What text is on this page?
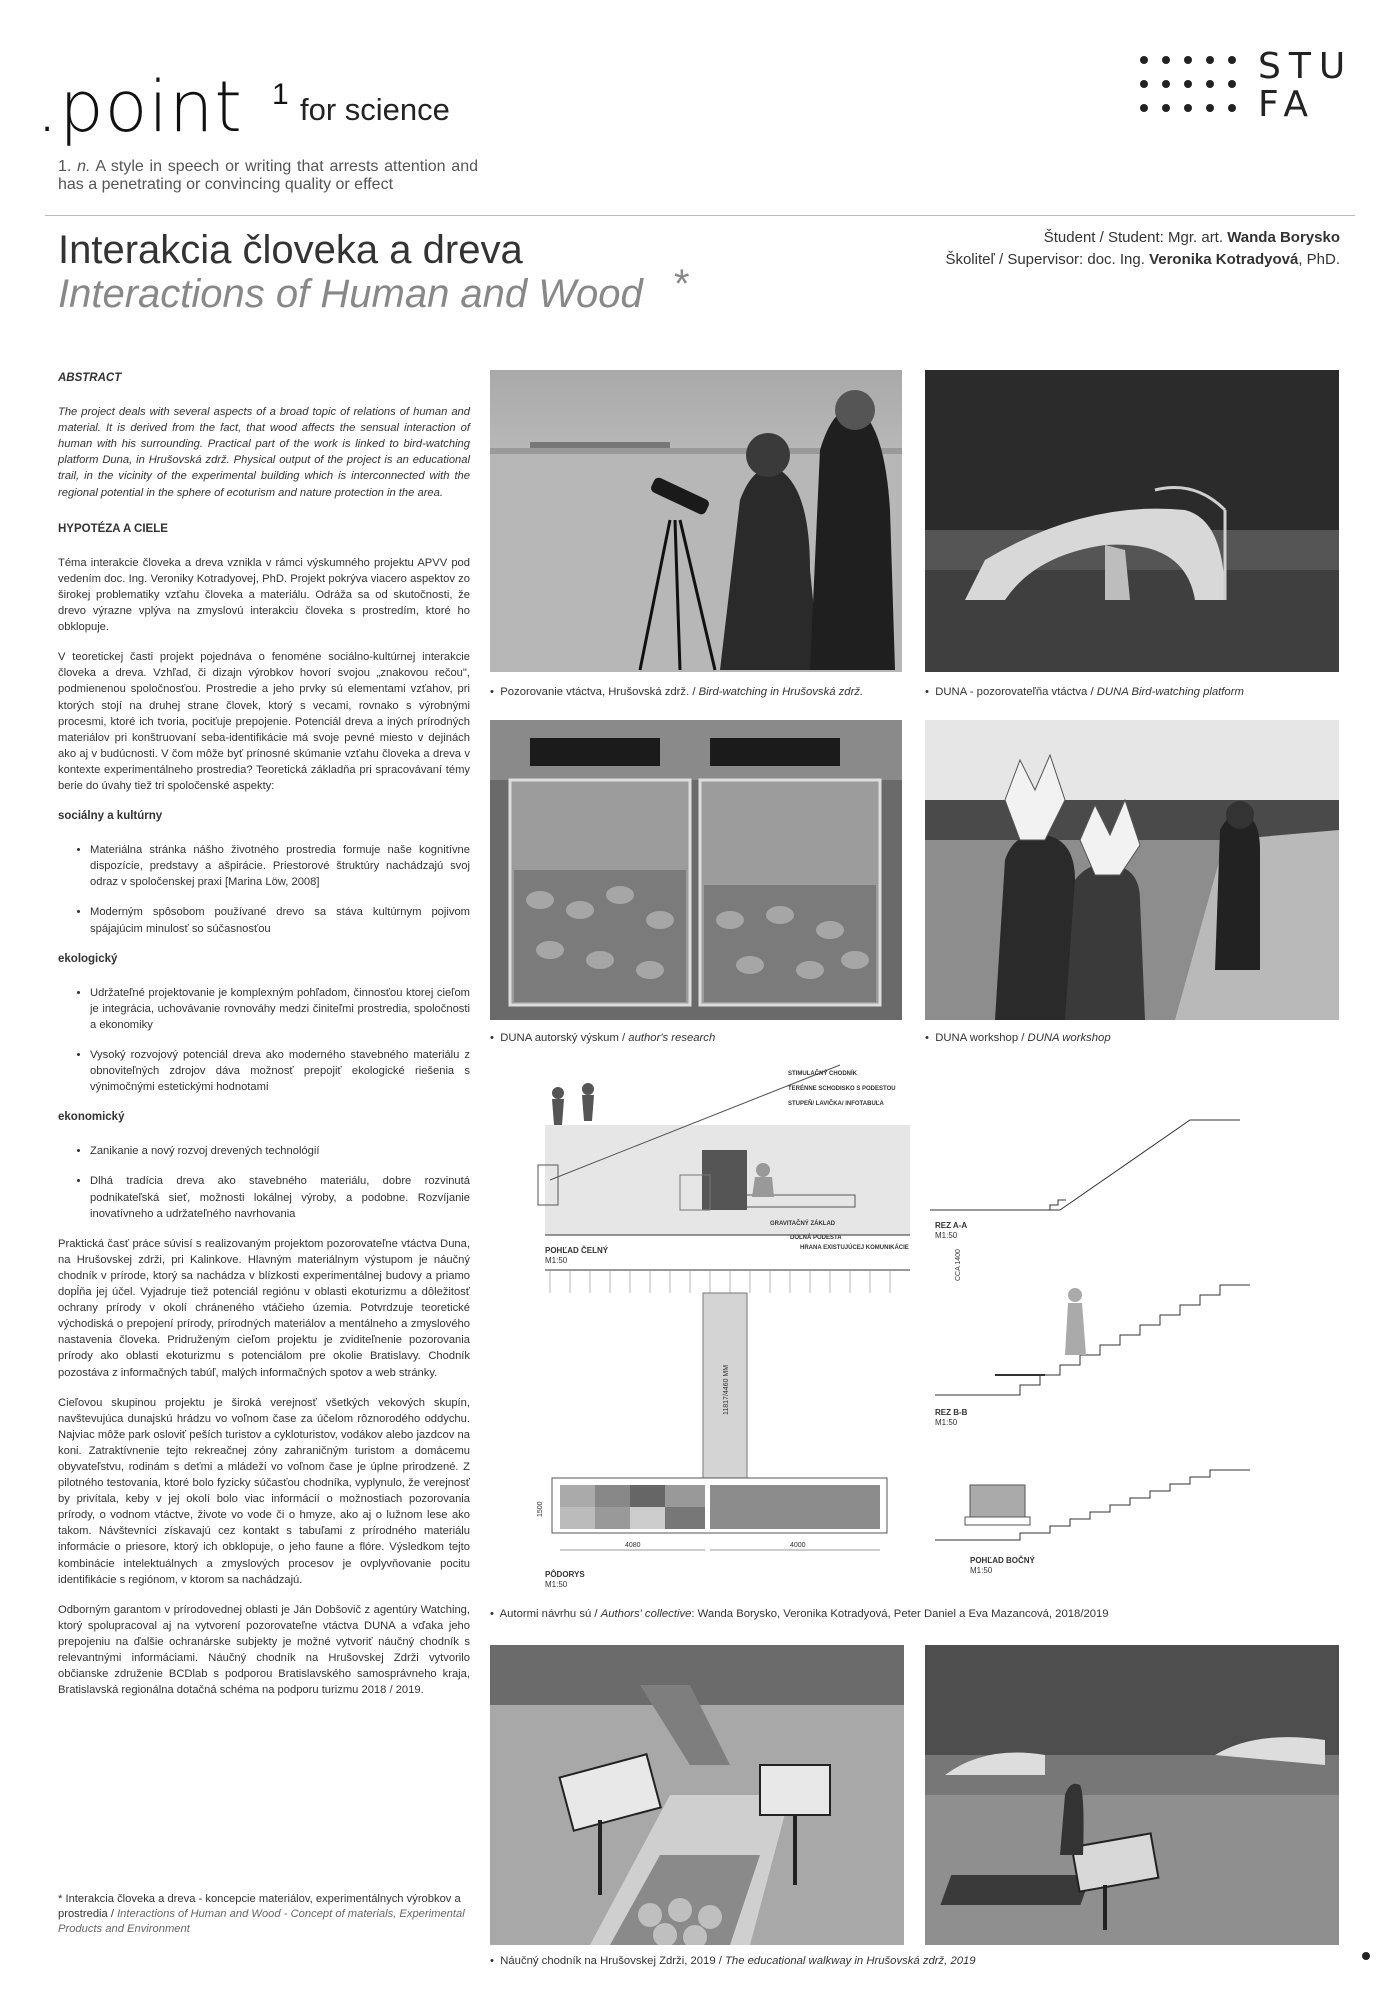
.point 1 for science
1. n. A style in speech or writing that arrests attention and has a penetrating or convincing quality or effect
STU
FA
Interakcia človeka a dreva
Interactions of Human and Wood *
Študent / Student: Mgr. art. Wanda Borysko
Školiteľ / Supervisor: doc. Ing. Veronika Kotradyová, PhD.

ABSTRACT

The project deals with several aspects of a broad topic of relations of human and material. It is derived from the fact, that wood affects the sensual interaction of human with his surrounding. Practical part of the work is linked to bird-watching platform Duna, in Hrušovská zdrž. Physical output of the project is an educational trail, in the vicinity of the experimental building which is interconnected with the regional potential in the sphere of ecoturism and nature protection in the area.

HYPOTÉZA A CIELE

Téma interakcie človeka a dreva vznikla v rámci výskumného projektu APVV pod vedením doc. Ing. Veroniky Kotradyovej, PhD. Projekt pokrýva viacero aspektov zo širokej problematiky vzťahu človeka a materiálu. Odráža sa od skutočnosti, že drevo výrazne vplýva na zmyslovú interakciu človeka s prostredím, ktoré ho obklopuje.

V teoretickej časti projekt pojednáva o fenoméne sociálno-kultúrnej interakcie človeka a dreva. Vzhľad, či dizajn výrobkov hovorí svojou „znakovou rečou", podmienenou spoločnosťou. Prostredie a jeho prvky sú elementami vzťahov, pri ktorých stojí na druhej strane človek, ktorý s vecami, rovnako s výrobnými procesmi, ktoré ich tvoria, pociťuje prepojenie. Potenciál dreva a iných prírodných materiálov pri konštruovaní seba-identifikácie má svoje pevné miesto v dejinách ako aj v budúcnosti. V čom môže byť prínosné skúmanie vzťahu človeka a dreva v kontexte experimentálneho prostredia? Teoretická základňa pri spracovávaní témy berie do úvahy tiež tri spoločenské aspekty:

sociálny a kultúrny

• Materiálna stránka nášho životného prostredia formuje naše kognitívne dispozície, predstavy a ašpirácie. Priestorové štruktúry nachádzajú svoj odraz v spoločenskej praxi [Marina Löw, 2008]
• Moderným spôsobom používané drevo sa stáva kultúrnym pojivom spájajúcim minulosť so súčasnosťou

ekologický

• Udržateľné projektovanie je komplexným pohľadom, činnosťou ktorej cieľom je integrácia, uchovávanie rovnováhy medzi činiteľmi prostredia, spoločnosti a ekonomiky
• Vysoký rozvojový potenciál dreva ako moderného stavebného materiálu z obnoviteľných zdrojov dáva možnosť prepojiť ekologické riešenia s výnimočnými estetickými hodnotami

ekonomický

• Zanikanie a nový rozvoj drevených technológií
• Dlhá tradícia dreva ako stavebného materiálu, dobre rozvinutá podnikateľská sieť, možnosti lokálnej výroby, a podobne. Rozvíjanie inovatívneho a udržateľného navrhovania

Praktická časť práce súvisí s realizovaným projektom pozorovateľne vtáctva Duna, na Hrušovskej zdrži, pri Kalinkove. Hlavným materiálnym výstupom je náučný chodník v prírode, ktorý sa nachádza v blízkosti experimentálnej budovy a priamo dopĺňa jej účel. Vyjadruje tiež potenciál regiónu v oblasti ekoturizmu a dôležitosť ochrany prírody v okolí chráneného vtáčieho územia. Potvrdzuje teoretické východiská o prepojení prírody, prírodných materiálov a mentálneho a zmyslového nastavenia človeka. Pridruženým cieľom projektu je zviditeľnenie pozorovania prírody ako oblasti ekoturizmu s potenciálom pre okolie Bratislavy. Chodník pozostáva z informačných tabúľ, malých informačných spotov a web stránky.

Cieľovou skupinou projektu je široká verejnosť všetkých vekových skupín, navštevujúca dunajskú hrádzu vo voľnom čase za účelom rôznorodého oddychu. Najviac môže park osloviť peších turistov a cykloturistov, vodákov alebo jazdcov na koni. Zatraktívnenie tejto rekreačnej zóny zahraničným turistom a domácemu obyvateľstvu, rodinám s deťmi a mládeži vo voľnom čase je úplne prirodzené. Z pilotného testovania, ktoré bolo fyzicky súčasťou chodníka, vyplynulo, že verejnosť by privítala, keby v jej okolí bolo viac informácií o možnostiach pozorovania prírody, o vodnom vtáctve, živote vo vode či o hmyze, ako aj o lužnom lese ako takom. Návštevníci získavajú cez kontakt s tabuľami z prírodného materiálu informácie o priesore, ktorý ich obklopuje, o jeho faune a flóre. Výsledkom tejto kombinácie intelektuálnych a zmyslových procesov je ovplyvňovanie pocitu identifikácie s regiónom, v ktorom sa nachádzajú.

Odborným garantom v prírodovednej oblasti je Ján Dobšovič z agentúry Watching, ktorý spolupracoval aj na vytvorení pozorovateľne vtáctva DUNA a vďaka jeho prepojeniu na ďalšie ochranárske subjekty je možné vytvoriť náučný chodník s relevantnými informáciami. Náučný chodník na Hrušovskej Zdrži vytvorilo občianske združenie BCDlab s podporou Bratislavského samosprávneho kraja, Bratislavská regionálna dotačná schéma na podporu turizmu 2018 / 2019.

* Interakcia človeka a dreva - koncepcie materiálov, experimentálnych výrobkov a prostredia / Interactions of Human and Wood - Concept of materials, Experimental Products and Environment
•  Pozorovanie vtáctva, Hrušovská zdrž. / Bird-watching in Hrušovská zdrž.	•  DUNA - pozorovateľňa vtáctva / DUNA Bird-watching platform
•  DUNA autorský výskum / author's research	•  DUNA workshop / DUNA workshop
POHĽAD ČELNÝ
M1:50
STIMULAČNÝ CHODNÍK
TERÉNNE SCHODISKO S PODESTOU
STUPEŇ/ LAVIČKA/ INFOTABUĽA
GRAVITAČNÝ ZÁKLAD
DOLNÁ PODESTA
HRANA EXISTUJÚCEJ KOMUNIKÁCIE
11817/4460 MM
4080	4000
1500
PÔDORYS
M1:50
REZ A-A
M1:50
CCA 1400
REZ B-B
M1:50
POHĽAD BOČNÝ
M1:50
•  Autormi návrhu sú / Authors' collective: Wanda Borysko, Veronika Kotradyová, Peter Daniel a Eva Mazancová, 2018/2019
•  Náučný chodník na Hrušovskej Zdrži, 2019 / The educational walkway in Hrušovská zdrž, 2019
